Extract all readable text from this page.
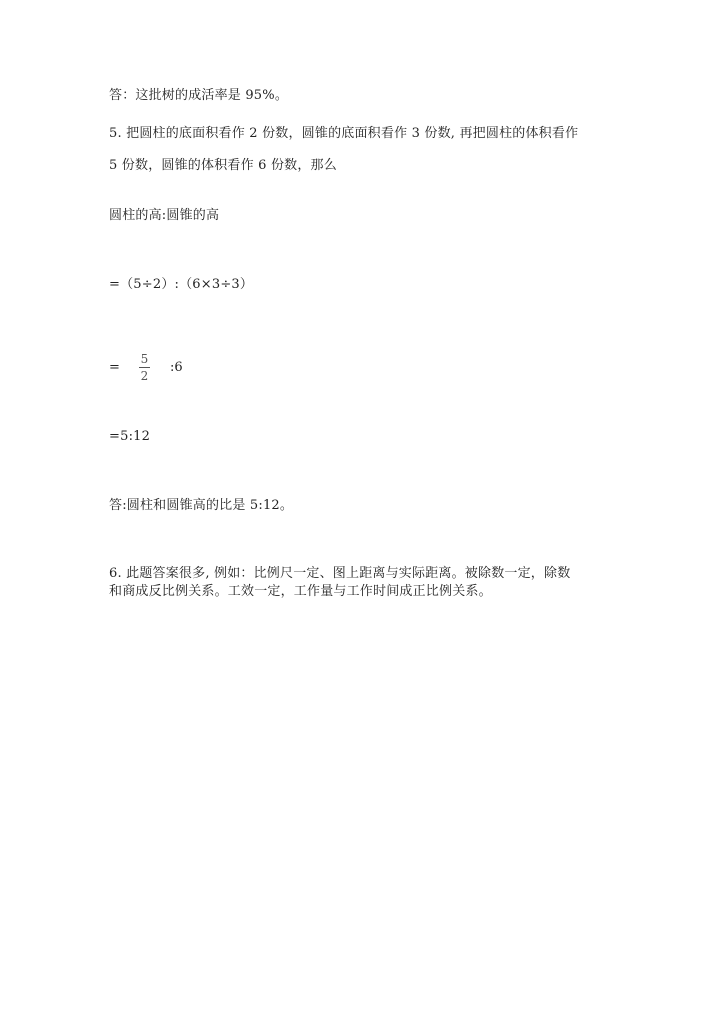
答：这批树的成活率是 95%。
5. 把圆柱的底面积看作 2 份数，圆锥的底面积看作 3 份数, 再把圆柱的体积看作
5 份数，圆锥的体积看作 6 份数，那么
圆柱的高:圆锥的高
=（5÷2）:（6×3÷3）
=	$\frac{5}{2}$ :6
=5:12
答:圆柱和圆锥高的比是 5:12。
6. 此题答案很多, 例如：比例尺一定、图上距离与实际距离。被除数一定，除数
和商成反比例关系。工效一定，工作量与工作时间成正比例关系。
